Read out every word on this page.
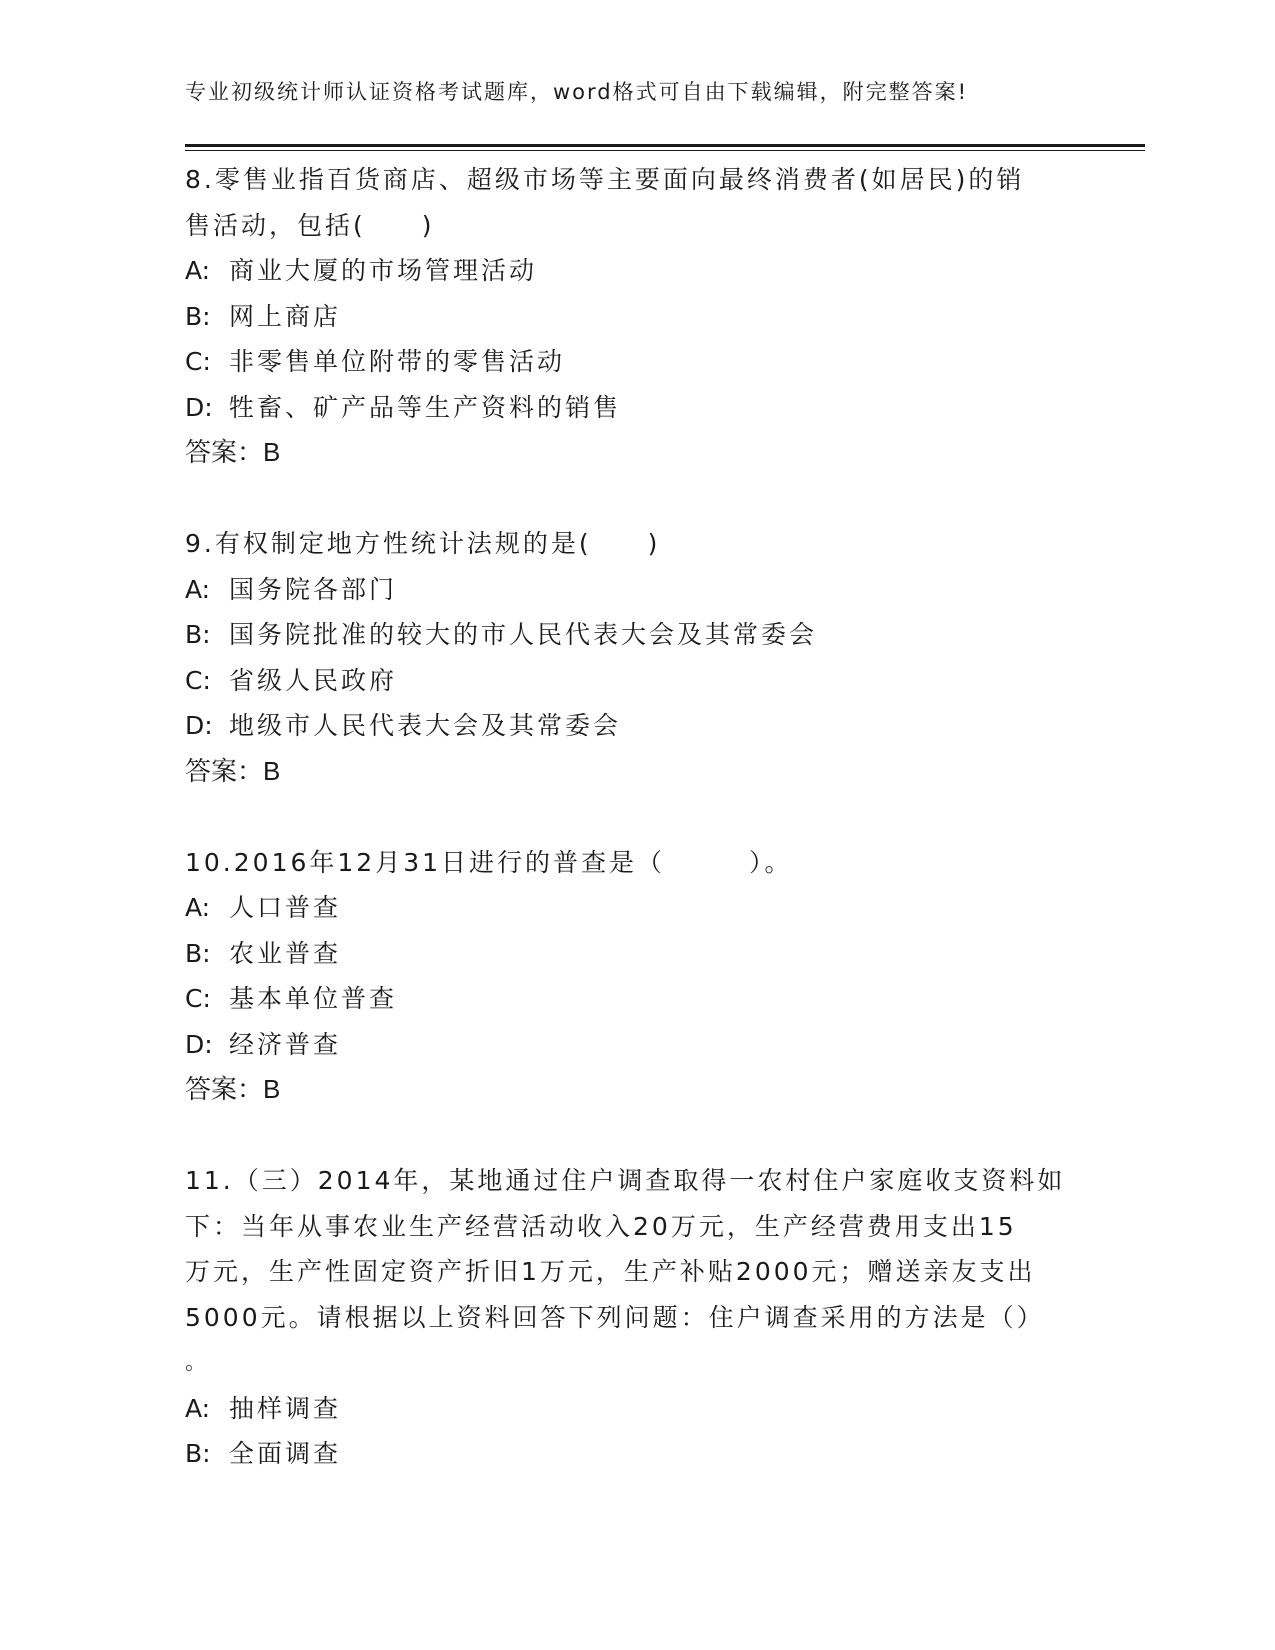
专业初级统计师认证资格考试题库，word格式可自由下载编辑，附完整答案!
8.零售业指百货商店、超级市场等主要面向最终消费者(如居民)的销
售活动，包括(　　)
A: 商业大厦的市场管理活动
B: 网上商店
C: 非零售单位附带的零售活动
D: 牲畜、矿产品等生产资料的销售
答案：B
9.有权制定地方性统计法规的是(　　)
A: 国务院各部门
B: 国务院批准的较大的市人民代表大会及其常委会
C: 省级人民政府
D: 地级市人民代表大会及其常委会
答案：B
10.2016年12月31日进行的普查是（　　　）。
A: 人口普查
B: 农业普查
C: 基本单位普查
D: 经济普查
答案：B
11.（三）2014年，某地通过住户调查取得一农村住户家庭收支资料如
下：当年从事农业生产经营活动收入20万元，生产经营费用支出15
万元，生产性固定资产折旧1万元，生产补贴2000元；赠送亲友支出
5000元。请根据以上资料回答下列问题：住户调查采用的方法是（）
。
A: 抽样调查
B: 全面调查
